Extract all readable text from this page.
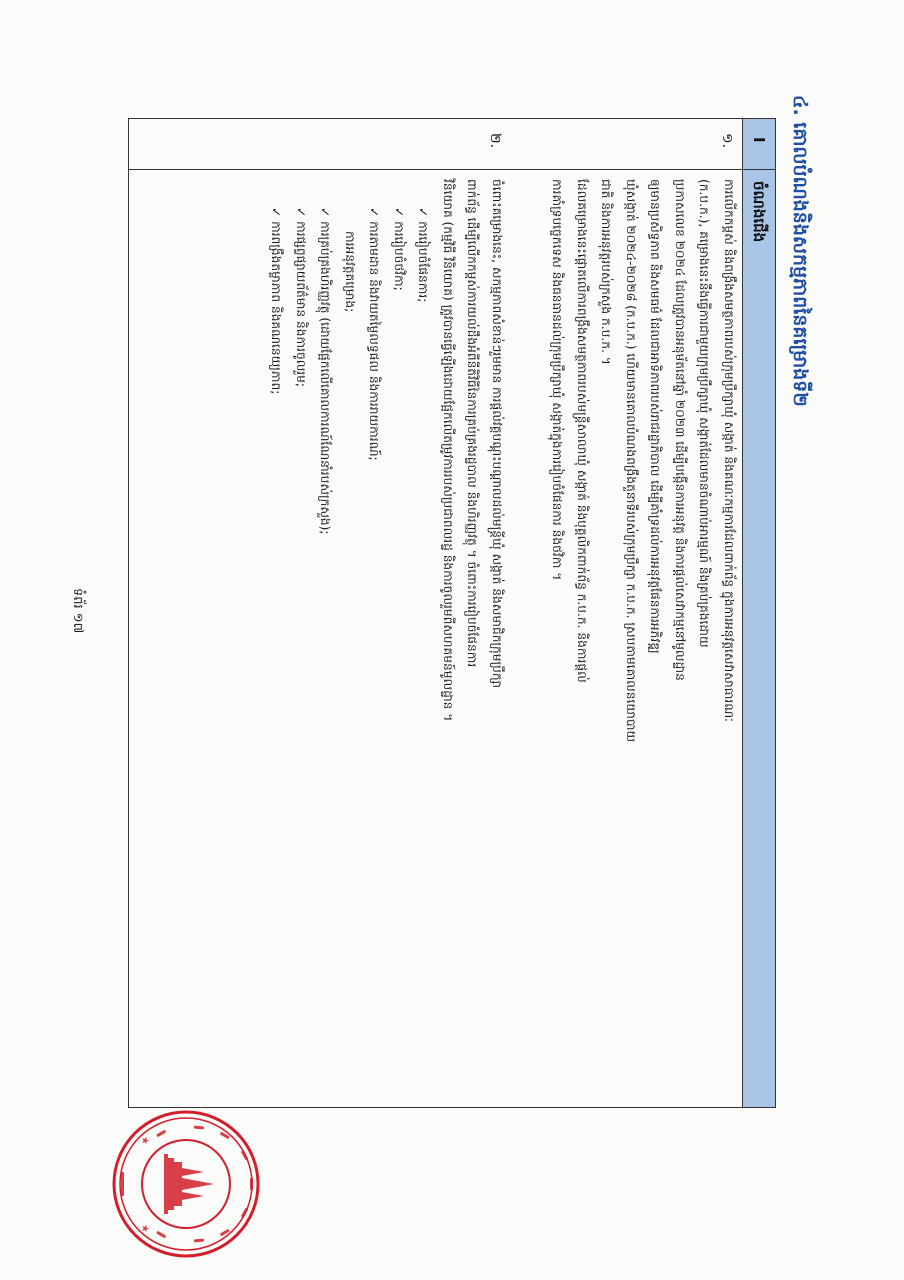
៤. គោលបំណងនិងសកម្មភាពនៃគម្រោងទី២
I
ចំណងជើង
១.

ការលើកកម្ពស់ និងពង្រឹងសមត្ថភាពរបស់ក្រុមប្រឹក្សាឃុំ សង្កាត់ និងគណៈកម្មការដែលពាក់ព័ន្ធ ក្នុងការអនុវត្តសេវាសាធារណៈ

(ក.ប.ក.), គម្រោងនេះនឹងធ្វើការជាមួយក្រុមប្រឹក្សាឃុំ សង្កាត់ដែលមានចំណាប់អារម្មណ៍ និងគ្រប់គ្រងដោយ

ប្រកាសលេខ ២០២៤ ដែលត្រូវបានអនុម័តនៅឆ្នាំ ២០២៣ ដើម្បីបង្កើនការអនុវត្ត និងការផ្តល់សេវាកម្មនៅមូលដ្ឋាន

ឲ្យមានប្រសិទ្ធភាព និងសមធម៌ ដែលជាអាទិភាពរបស់រាជរដ្ឋាភិបាល ដើម្បីគាំទ្រដល់ការអនុវត្តផែនការអភិវឌ្ឍ

ឃុំសង្កាត់ ២០២៤-២០២៨ (ក.ប.ក.) ហើយមានគោលបំណងពង្រឹងតួនាទីរបស់ក្រុមប្រឹក្សា ក.ប.ក. ស្របតាមគោលនយោបាយ

ជាតិ និងការអនុវត្តរបស់ក្រសួង ក.ប.ក. ។

ដែលគម្រោងនេះផ្តោតលើការពង្រឹងសមត្ថភាពរបស់មន្ត្រីសាលាឃុំ សង្កាត់ និងបុគ្គលិកពាក់ព័ន្ធ ក.ប.ក. និងការផ្តល់

ការគាំទ្របច្ចេកទេស និងធនធានដល់ក្រុមប្រឹក្សាឃុំ សង្កាត់ក្នុងការរៀបចំផែនការ និងថវិកា ។

២.

ចំពោះគម្រោងនេះ, សកម្មភាពសំខាន់ៗរួមមាន ការផ្តល់វគ្គបណ្តុះបណ្តាលដល់មន្ត្រីឃុំ សង្កាត់ និងសមាជិកក្រុមប្រឹក្សា

ពាក់ព័ន្ធ ដើម្បីលើកកម្ពស់ការយល់ដឹងអំពីនីតិវិធីនៃការគ្រប់គ្រងរដ្ឋបាល និងហិរញ្ញវត្ថុ ។ ចំពោះការរៀបចំផែនការ

វិនិយោគ (កម្មវិធី វិនិយោគ) ត្រូវបានធ្វើឡើងដោយផ្អែកលើតម្រូវការរបស់ប្រជាពលរដ្ឋ និងការចូលរួមពីសហគមន៍មូលដ្ឋាន ។

✓ ការរៀបចំផែនការ;

✓ ការរៀបចំថវិកា;

✓ ការតាមដាន និងវាយតម្លៃលទ្ធផល និងការរាយការណ៍;

ការអនុវត្តគម្រោង;

✓ ការគ្រប់គ្រងហិរញ្ញវត្ថុ (ដោយផ្អែកលើគោលការណ៍ណែនាំរបស់ក្រសួង);

✓ ការផ្សព្វផ្សាយព័ត៌មាន និងការចូលរួម;

✓ ការពង្រឹងតម្លាភាព និងគណនេយ្យភាព;

ទំព័រ ១៧
★
★
